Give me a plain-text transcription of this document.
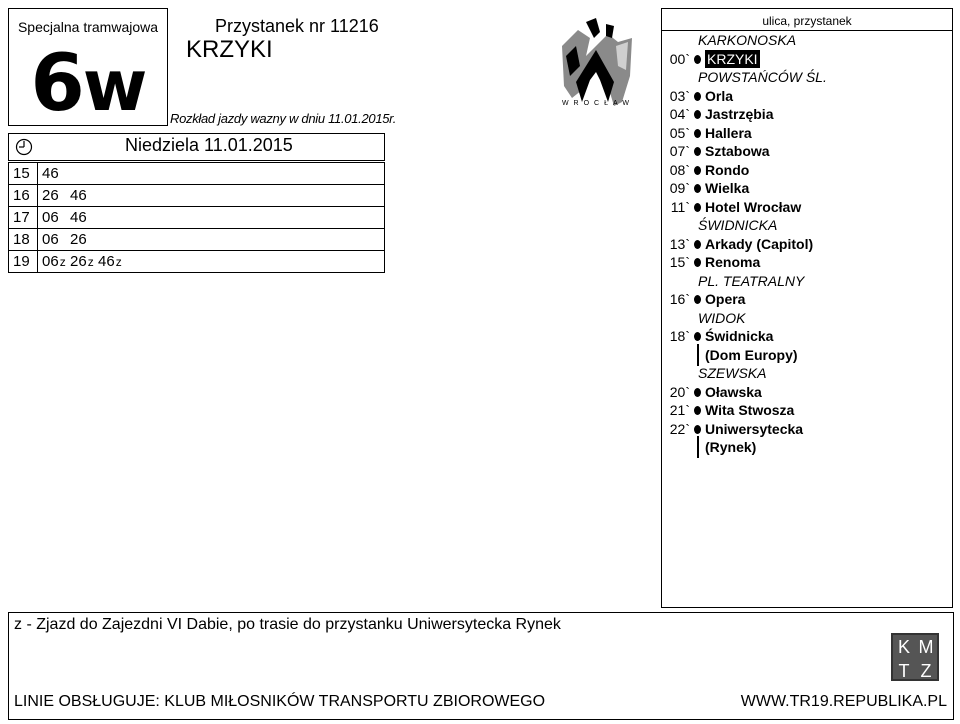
Specjalna tramwajowa
6w
Przystanek nr 11216
KRZYKI
Rozkład jazdy wazny w dniu 11.01.2015r.
WROCŁAW
Niedziela 11.01.2015
15	46
16	26 46
17	06 46
18	06 26
19	06z 26z 46z
ulica, przystanek
KARKONOSKA
00` KRZYKI
POWSTAŃCÓW ŚL.
03` Orla
04` Jastrzębia
05` Hallera
07` Sztabowa
08` Rondo
09` Wielka
11` Hotel Wrocław
ŚWIDNICKA
13` Arkady (Capitol)
15` Renoma
PL. TEATRALNY
16` Opera
WIDOK
18` Świdnicka
(Dom Europy)
SZEWSKA
20` Oławska
21` Wita Stwosza
22` Uniwersytecka
(Rynek)
z - Zjazd do Zajezdni VI Dabie, po trasie do przystanku Uniwersytecka Rynek
K M
T Z
LINIE OBSŁUGUJE: KLUB MIŁOSNIKÓW TRANSPORTU ZBIOROWEGO	WWW.TR19.REPUBLIKA.PL
